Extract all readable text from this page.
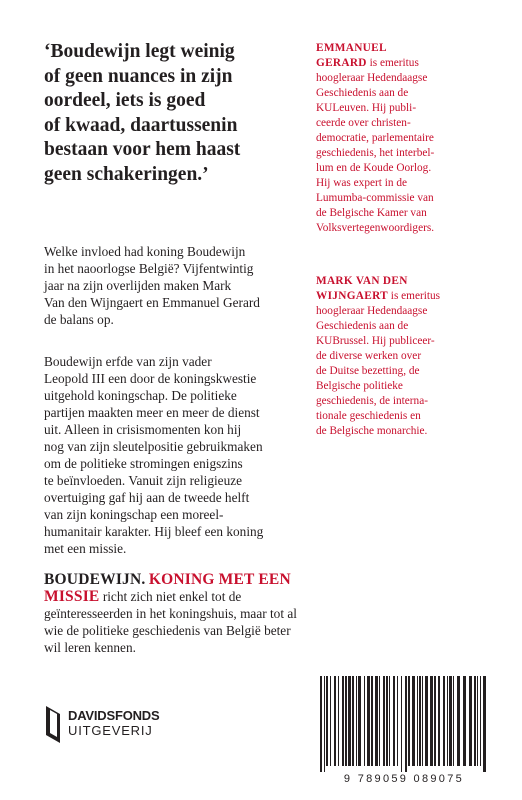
‘Boudewijn legt weinig
of geen nuances in zijn
oordeel, iets is goed
of kwaad, daartussenin
bestaan voor hem haast
geen schakeringen.’
Welke invloed had koning Boudewijn
in het naoorlogse België? Vijfentwintig
jaar na zijn overlijden maken Mark
Van den Wijngaert en Emmanuel Gerard
de balans op.
Boudewijn erfde van zijn vader
Leopold III een door de koningskwestie
uitgehold koningschap. De politieke
partijen maakten meer en meer de dienst
uit. Alleen in crisismomenten kon hij
nog van zijn sleutelpositie gebruikmaken
om de politieke stromingen enigszins
te beïnvloeden. Vanuit zijn religieuze
overtuiging gaf hij aan de tweede helft
van zijn koningschap een moreel-
humanitair karakter. Hij bleef een koning
met een missie.

BOUDEWIJN. KONING MET EEN MISSIE richt zich niet enkel tot de geïnteresseerden in het koningshuis, maar tot al wie de politieke geschiedenis van België beter wil leren kennen.

EMMANUEL
GERARD is emeritus
hoogleraar Hedendaagse
Geschiedenis aan de
KULeuven. Hij publi-
ceerde over christen-
democratie, parlementaire
geschiedenis, het interbel-
lum en de Koude Oorlog.
Hij was expert in de
Lumumba-commissie van
de Belgische Kamer van
Volksvertegenwoordigers.
MARK VAN DEN
WIJNGAERT is emeritus
hoogleraar Hedendaagse
Geschiedenis aan de
KUBrussel. Hij publiceer-
de diverse werken over
de Duitse bezetting, de
Belgische politieke
geschiedenis, de interna-
tionale geschiedenis en
de Belgische monarchie.
DAVIDSFONDS
UITGEVERIJ
9 789059 089075
